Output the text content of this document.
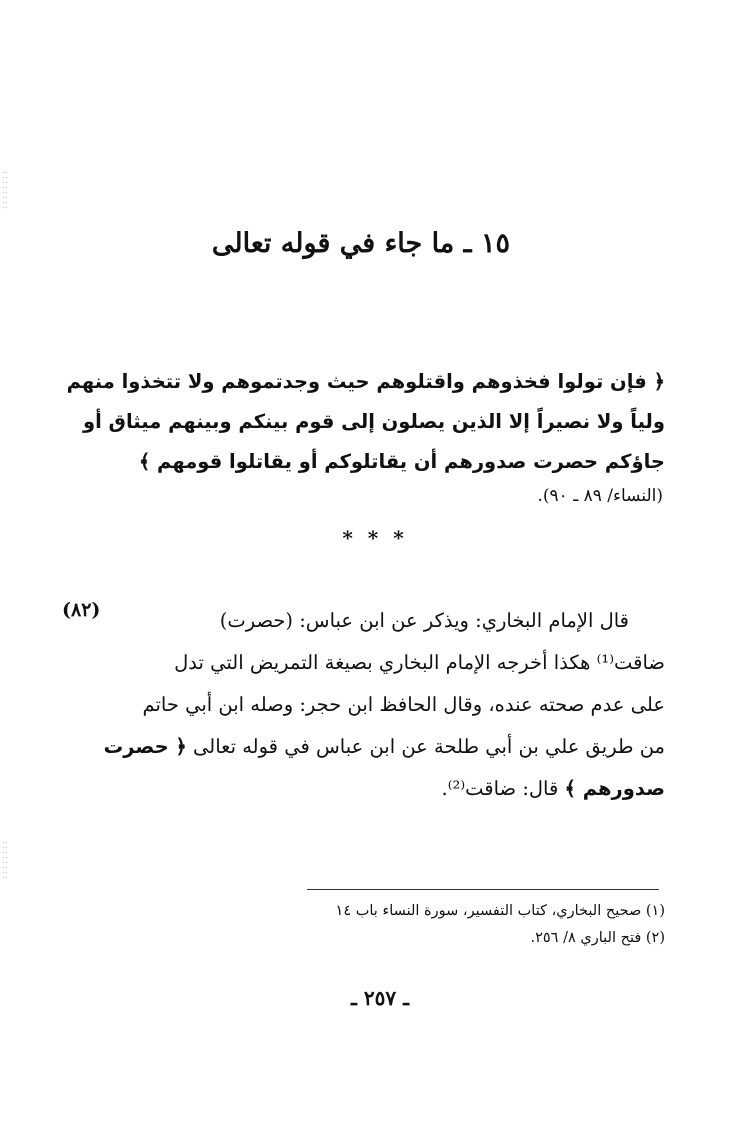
١٥ ـ ما جاء في قوله تعالى
﴿ فإن تولوا فخذوهم واقتلوهم حيث وجدتموهم ولا تتخذوا منهم
ولياً ولا نصيراً إلا الذين يصلون إلى قوم بينكم وبينهم ميثاق أو
جاؤكم حصرت صدورهم أن يقاتلوكم أو يقاتلوا قومهم ﴾
(النساء/ ٨٩ ـ ٩٠).
* * *
(٨٢)	قال الإمام البخاري: ويذكر عن ابن عباس: (حصرت)
ضاقت⁽¹⁾ هكذا أخرجه الإمام البخاري بصيغة التمريض التي تدل
على عدم صحته عنده، وقال الحافظ ابن حجر: وصله ابن أبي حاتم
من طريق علي بن أبي طلحة عن ابن عباس في قوله تعالى ﴿ حصرت
صدورهم ﴾ قال: ضاقت⁽²⁾.
(١) صحيح البخاري، كتاب التفسير، سورة النساء باب ١٤
(٢) فتح الباري ٨/ ٢٥٦.
ـ ٢٥٧ ـ
